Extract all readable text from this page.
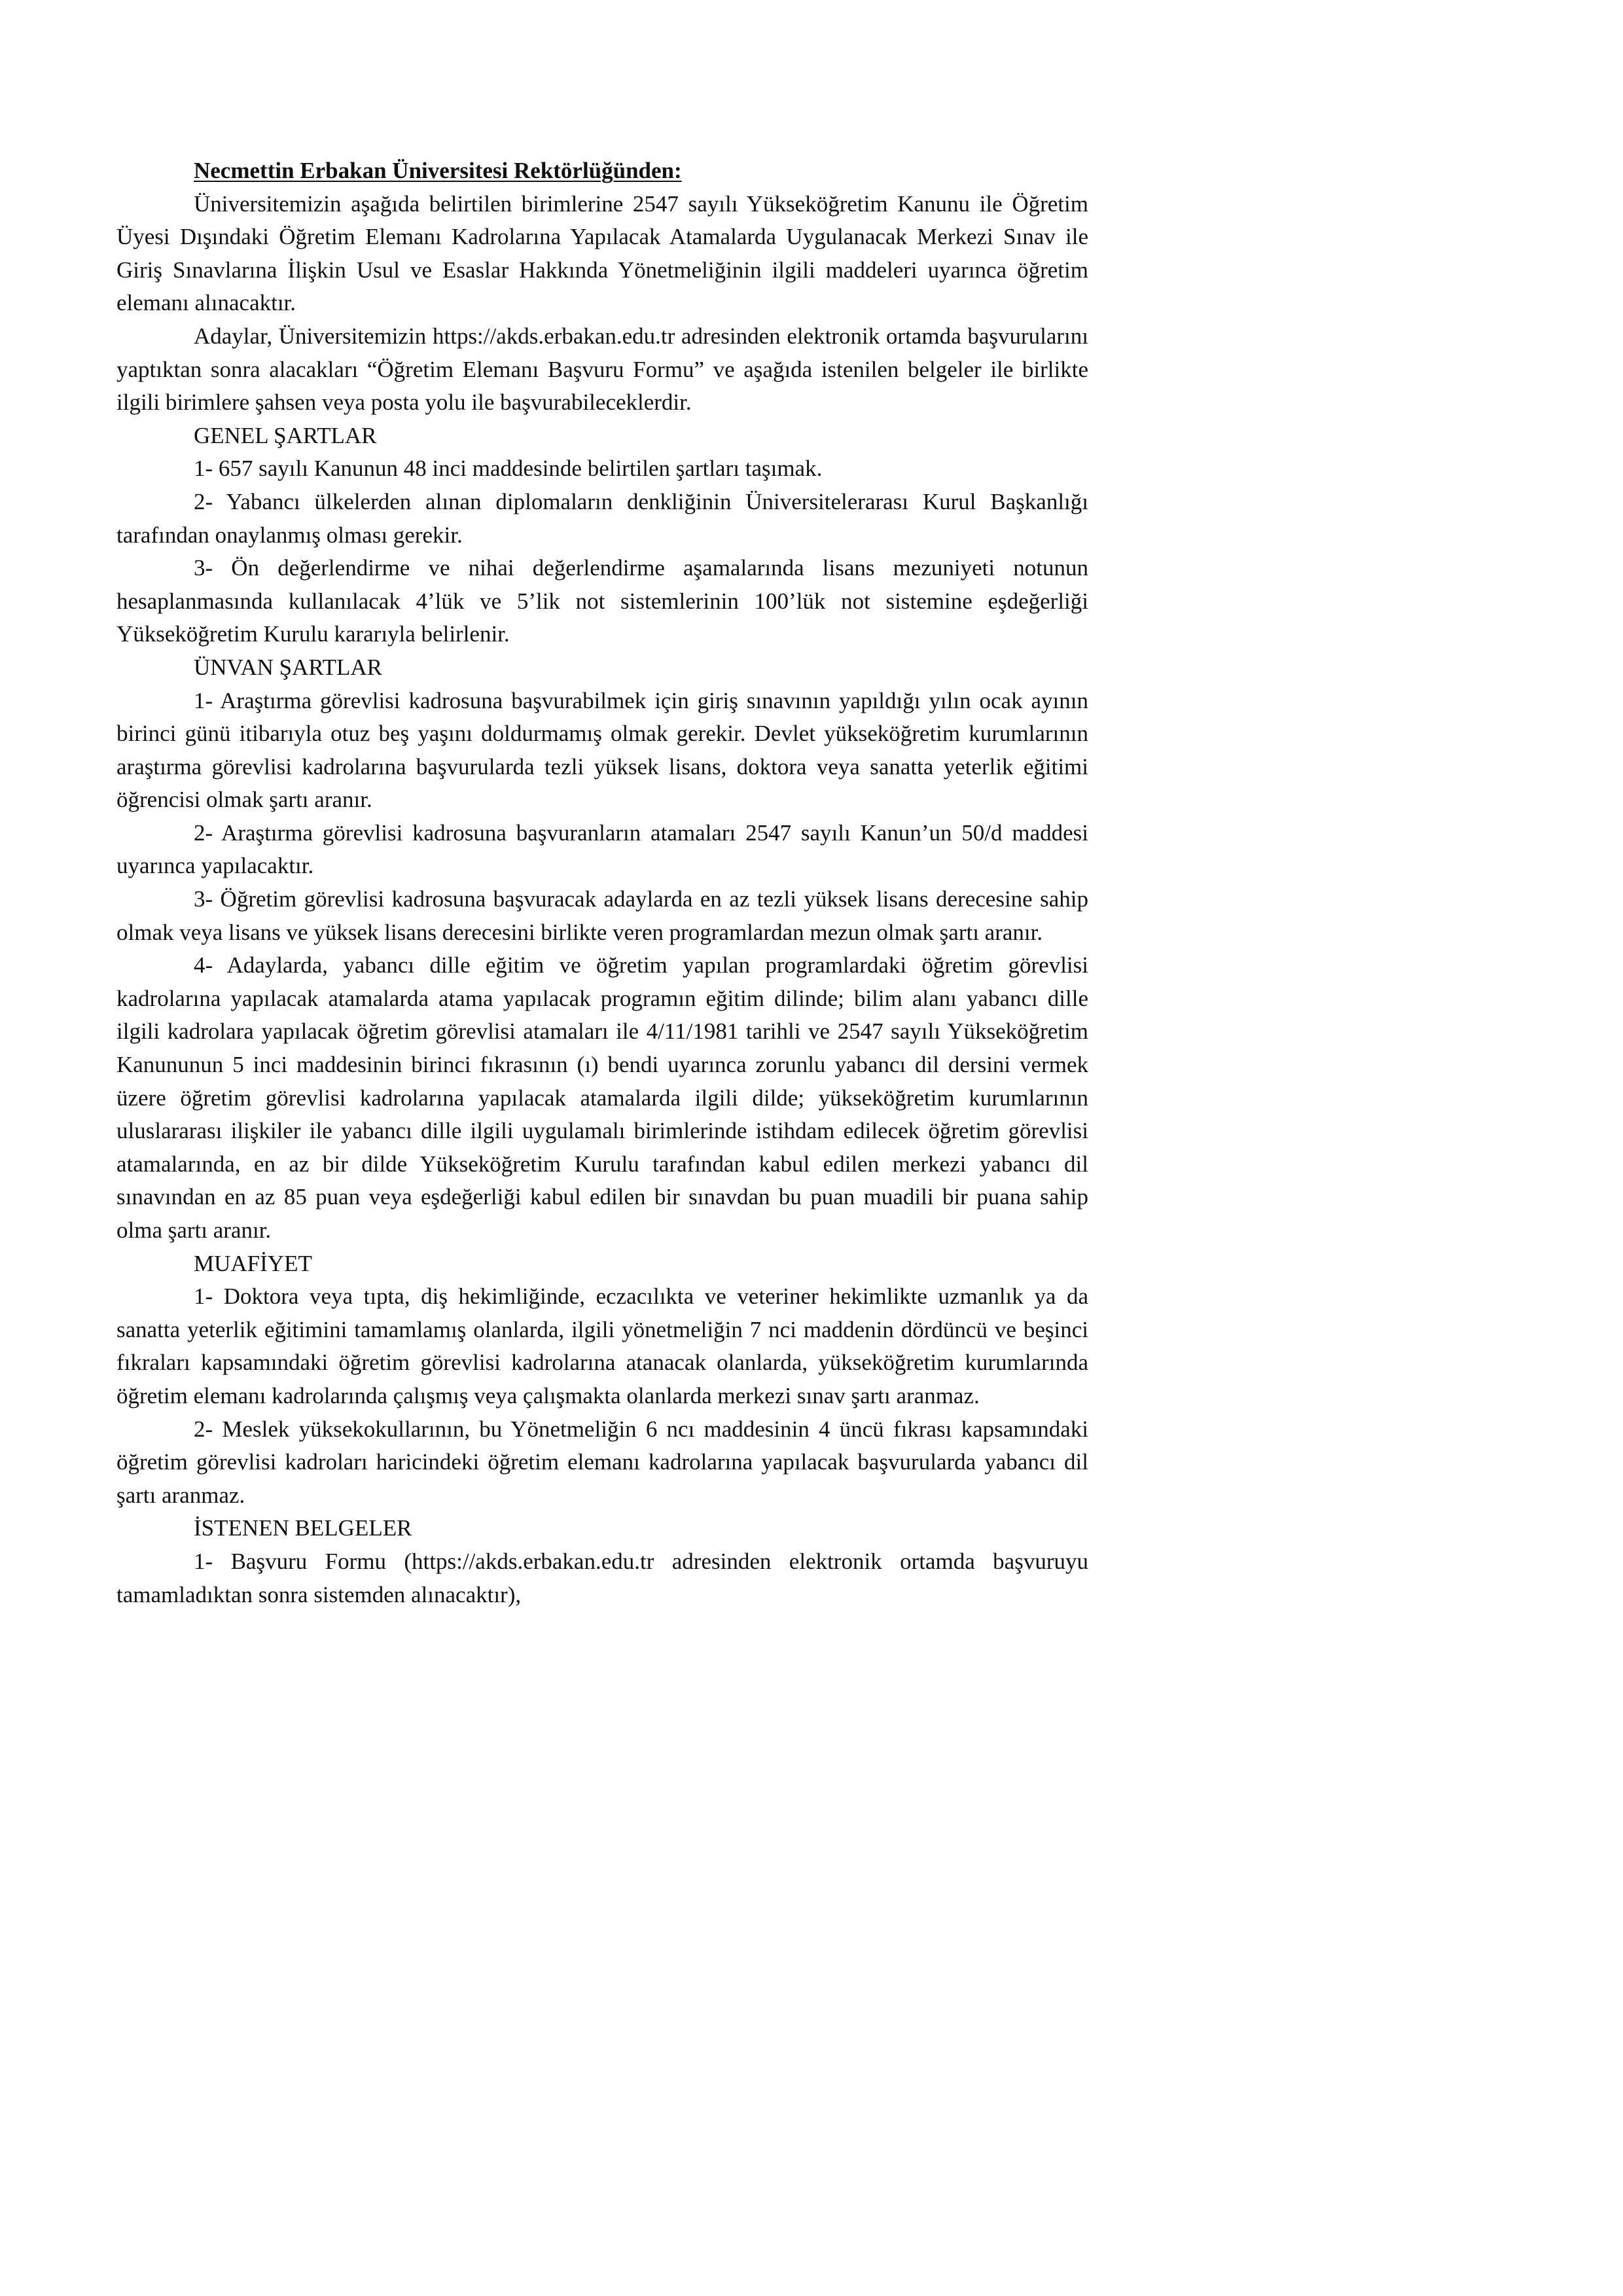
Necmettin Erbakan Üniversitesi Rektörlüğünden:

Üniversitemizin aşağıda belirtilen birimlerine 2547 sayılı Yükseköğretim Kanunu ile Öğretim Üyesi Dışındaki Öğretim Elemanı Kadrolarına Yapılacak Atamalarda Uygulanacak Merkezi Sınav ile Giriş Sınavlarına İlişkin Usul ve Esaslar Hakkında Yönetmeliğinin ilgili maddeleri uyarınca öğretim elemanı alınacaktır.

Adaylar, Üniversitemizin https://akds.erbakan.edu.tr adresinden elektronik ortamda başvurularını yaptıktan sonra alacakları “Öğretim Elemanı Başvuru Formu” ve aşağıda istenilen belgeler ile birlikte ilgili birimlere şahsen veya posta yolu ile başvurabileceklerdir.

GENEL ŞARTLAR

1- 657 sayılı Kanunun 48 inci maddesinde belirtilen şartları taşımak.

2- Yabancı ülkelerden alınan diplomaların denkliğinin Üniversitelerarası Kurul Başkanlığı tarafından onaylanmış olması gerekir.

3- Ön değerlendirme ve nihai değerlendirme aşamalarında lisans mezuniyeti notunun hesaplanmasında kullanılacak 4’lük ve 5’lik not sistemlerinin 100’lük not sistemine eşdeğerliği Yükseköğretim Kurulu kararıyla belirlenir.

ÜNVAN ŞARTLAR

1- Araştırma görevlisi kadrosuna başvurabilmek için giriş sınavının yapıldığı yılın ocak ayının birinci günü itibarıyla otuz beş yaşını doldurmamış olmak gerekir. Devlet yükseköğretim kurumlarının araştırma görevlisi kadrolarına başvurularda tezli yüksek lisans, doktora veya sanatta yeterlik eğitimi öğrencisi olmak şartı aranır.

2- Araştırma görevlisi kadrosuna başvuranların atamaları 2547 sayılı Kanun’un 50/d maddesi uyarınca yapılacaktır.

3- Öğretim görevlisi kadrosuna başvuracak adaylarda en az tezli yüksek lisans derecesine sahip olmak veya lisans ve yüksek lisans derecesini birlikte veren programlardan mezun olmak şartı aranır.

4- Adaylarda, yabancı dille eğitim ve öğretim yapılan programlardaki öğretim görevlisi kadrolarına yapılacak atamalarda atama yapılacak programın eğitim dilinde; bilim alanı yabancı dille ilgili kadrolara yapılacak öğretim görevlisi atamaları ile 4/11/1981 tarihli ve 2547 sayılı Yükseköğretim Kanununun 5 inci maddesinin birinci fıkrasının (ı) bendi uyarınca zorunlu yabancı dil dersini vermek üzere öğretim görevlisi kadrolarına yapılacak atamalarda ilgili dilde; yükseköğretim kurumlarının uluslararası ilişkiler ile yabancı dille ilgili uygulamalı birimlerinde istihdam edilecek öğretim görevlisi atamalarında, en az bir dilde Yükseköğretim Kurulu tarafından kabul edilen merkezi yabancı dil sınavından en az 85 puan veya eşdeğerliği kabul edilen bir sınavdan bu puan muadili bir puana sahip olma şartı aranır.

MUAFİYET

1- Doktora veya tıpta, diş hekimliğinde, eczacılıkta ve veteriner hekimlikte uzmanlık ya da sanatta yeterlik eğitimini tamamlamış olanlarda, ilgili yönetmeliğin 7 nci maddenin dördüncü ve beşinci fıkraları kapsamındaki öğretim görevlisi kadrolarına atanacak olanlarda, yükseköğretim kurumlarında öğretim elemanı kadrolarında çalışmış veya çalışmakta olanlarda merkezi sınav şartı aranmaz.

2- Meslek yüksekokullarının, bu Yönetmeliğin 6 ncı maddesinin 4 üncü fıkrası kapsamındaki öğretim görevlisi kadroları haricindeki öğretim elemanı kadrolarına yapılacak başvurularda yabancı dil şartı aranmaz.

İSTENEN BELGELER

1- Başvuru Formu (https://akds.erbakan.edu.tr adresinden elektronik ortamda başvuruyu tamamladıktan sonra sistemden alınacaktır),
